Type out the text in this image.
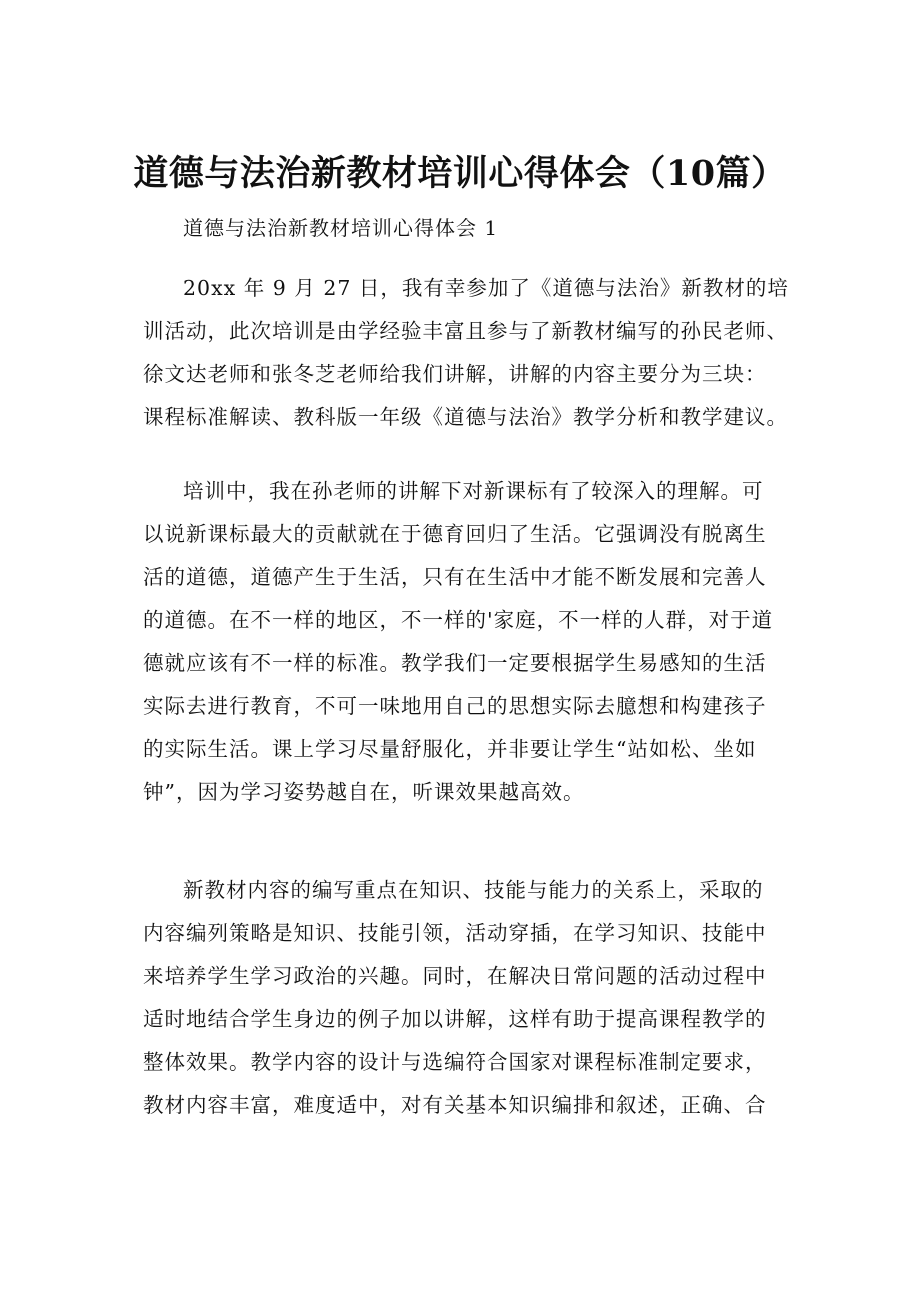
道德与法治新教材培训心得体会（10篇）
道德与法治新教材培训心得体会 1
20xx 年 9 月 27 日，我有幸参加了《道德与法治》新教材的培
训活动，此次培训是由学经验丰富且参与了新教材编写的孙民老师、
徐文达老师和张冬芝老师给我们讲解，讲解的内容主要分为三块：
课程标准解读、教科版一年级《道德与法治》教学分析和教学建议。
培训中，我在孙老师的讲解下对新课标有了较深入的理解。可
以说新课标最大的贡献就在于德育回归了生活。它强调没有脱离生
活的道德，道德产生于生活，只有在生活中才能不断发展和完善人
的道德。在不一样的地区，不一样的'家庭，不一样的人群，对于道
德就应该有不一样的标准。教学我们一定要根据学生易感知的生活
实际去进行教育，不可一味地用自己的思想实际去臆想和构建孩子
的实际生活。课上学习尽量舒服化，并非要让学生“站如松、坐如
钟”，因为学习姿势越自在，听课效果越高效。
新教材内容的编写重点在知识、技能与能力的关系上，采取的
内容编列策略是知识、技能引领，活动穿插，在学习知识、技能中
来培养学生学习政治的兴趣。同时，在解决日常问题的活动过程中
适时地结合学生身边的例子加以讲解，这样有助于提高课程教学的
整体效果。教学内容的设计与选编符合国家对课程标准制定要求，
教材内容丰富，难度适中，对有关基本知识编排和叙述，正确、合
